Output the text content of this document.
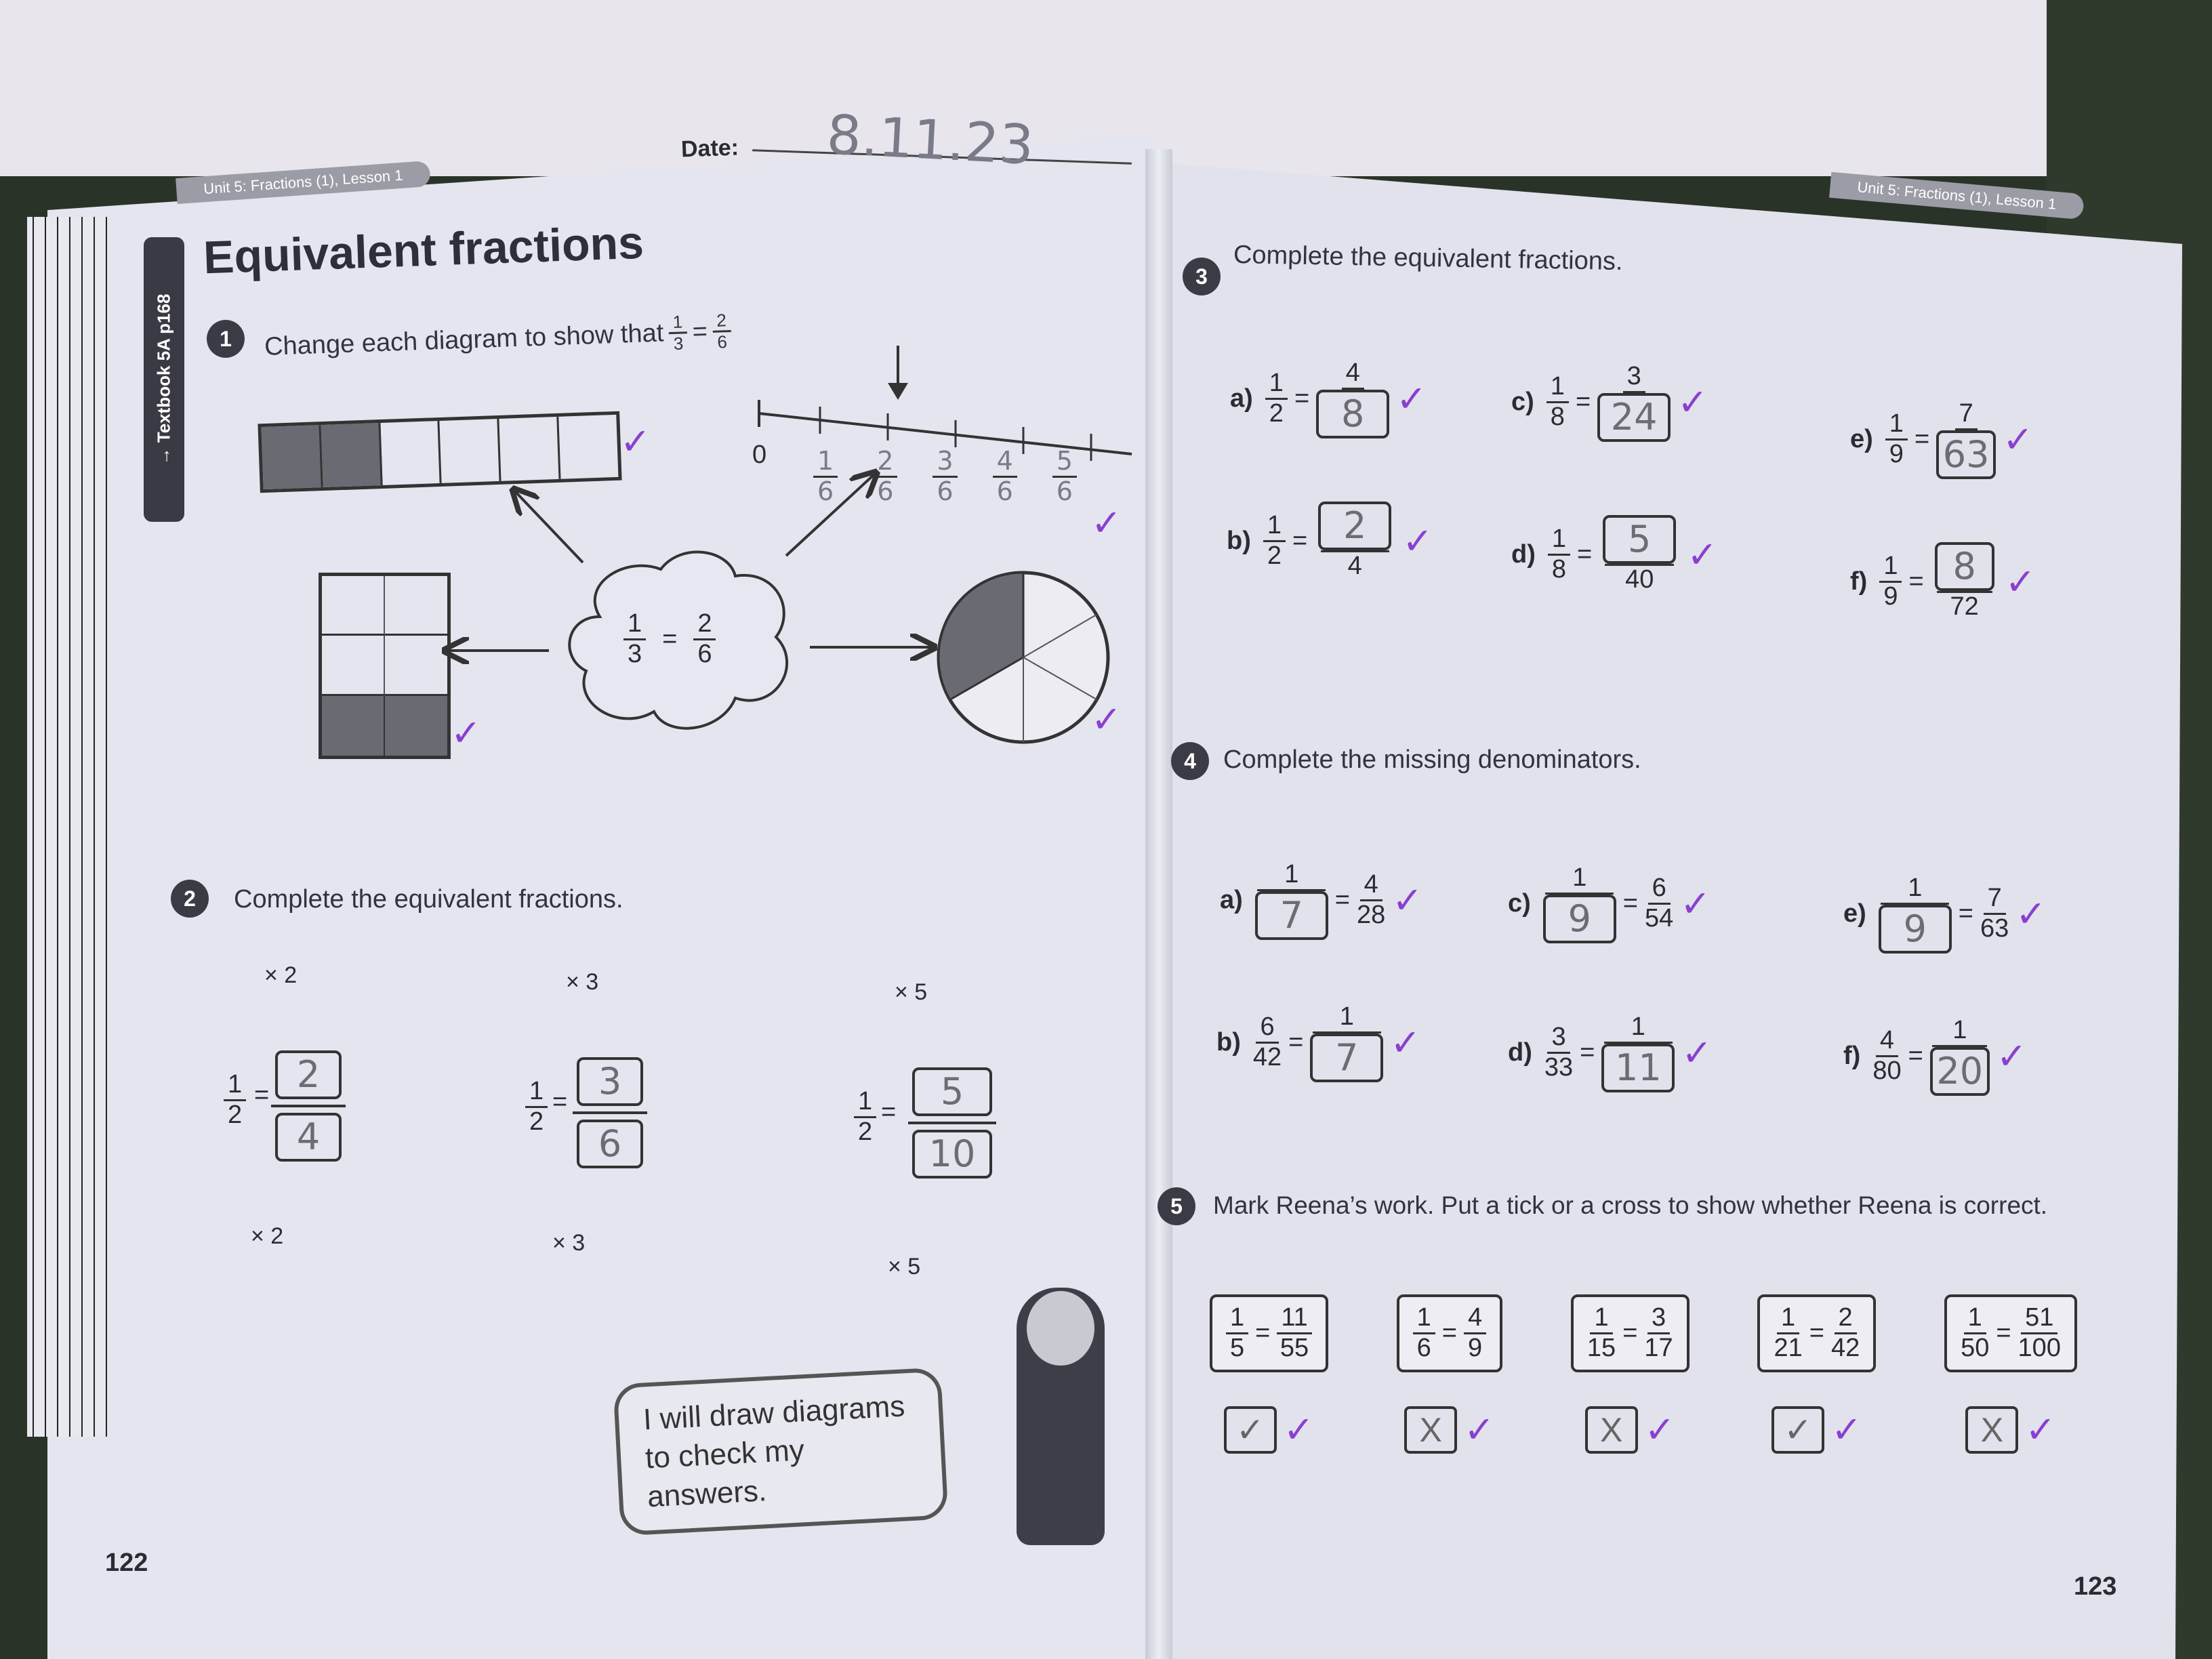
Unit 5: Fractions (1), Lesson 1
Date: 8.11.23
→ Textbook 5A p168
Equivalent fractions
1	Change each diagram to show that $\frac{1}{3} = \frac{2}{6}$
✓	$0 \frac{1}{6} \frac{2}{6} \frac{3}{6} \frac{4}{6} \frac{5}{6}$
✓
✓
$\frac{1}{3} = \frac{2}{6}$
✓
2	Complete the equivalent fractions.
× 2
$\frac{1}{2} = 2$
4
× 2
× 3
$\frac{1}{2} = 3$
6
× 3
× 5
$\frac{1}{2}$ =	5
10
× 5
I will draw diagrams to check my answers.
122
Unit 5: Fractions (1), Lesson 1
3
Complete the equivalent fractions.
$a) \frac{1}{2} = \frac{4}{8}$ ✓
$b) \frac{1}{2} = \frac{2}{4}$ ✓
$c) \frac{1}{8} = \frac{3}{24}$ ✓
$d) \frac{1}{8} = \frac{5}{40}$ ✓
$e) \frac{1}{9} = \frac{7}{63}$ ✓
$f) \frac{1}{9} = \frac{8}{72}$ ✓
4	Complete the missing denominators.
$a) \frac{1}{7} = \frac{4}{28}$ ✓
$b) \frac{6}{42} = \frac{1}{7}$ ✓
$c) \frac{1}{9} = \frac{6}{54}$ ✓
$d) \frac{3}{33} = \frac{1}{11}$ ✓
$e) \frac{1}{9} = \frac{7}{63}$ ✓
$f) \frac{4}{80} = \frac{1}{20}$ ✓
5	Mark Reena’s work. Put a tick or a cross to show whether Reena is correct.
$\frac{1}{5} = \frac{11}{55}$
✓ ✓
$\frac{1}{6} = \frac{4}{9}$
X ✓
$\frac{1}{15} = \frac{3}{17}$
X ✓
$\frac{1}{21} = \frac{2}{42}$
✓ ✓
$\frac{1}{50} = \frac{51}{100}$
X ✓
123
